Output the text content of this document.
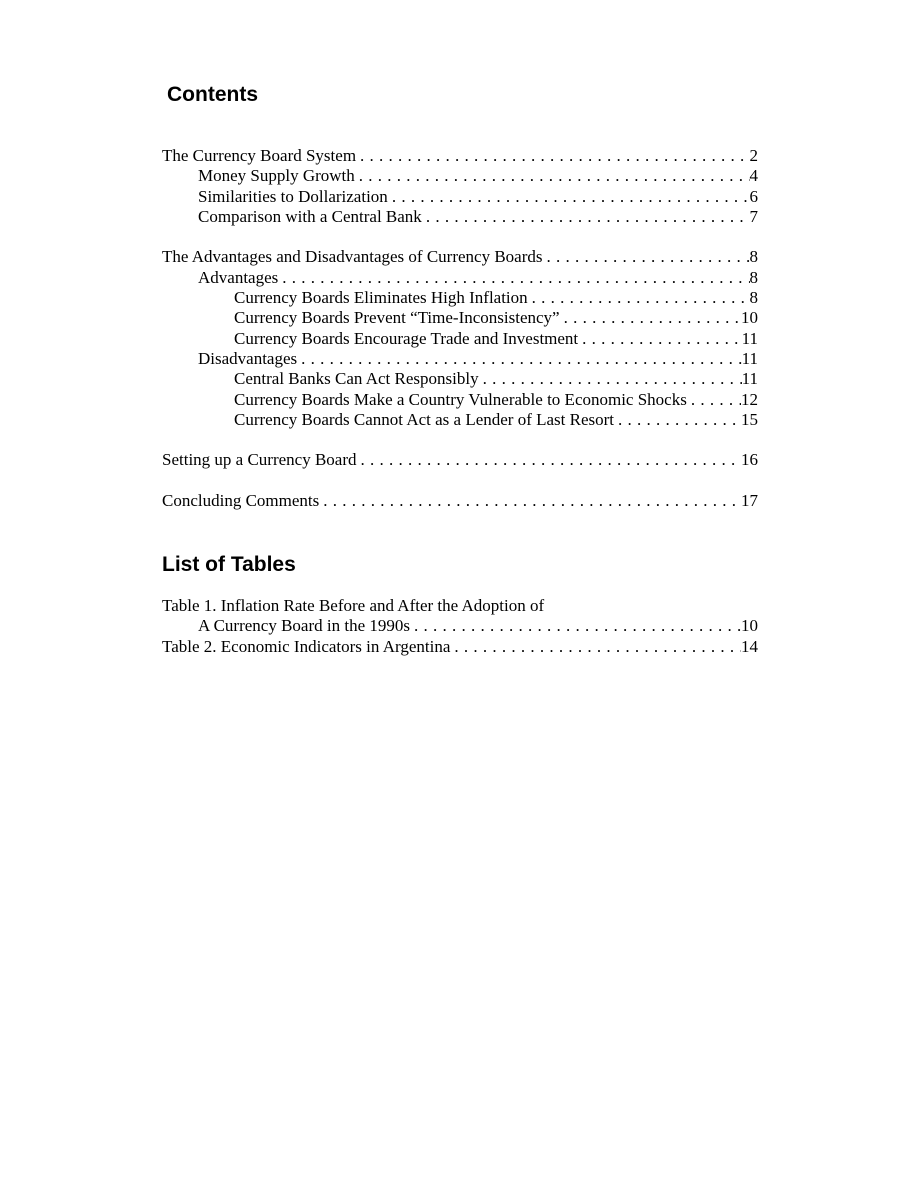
Contents
The Currency Board System . . .	2
Money Supply Growth . . .	4
Similarities to Dollarization . . .	6
Comparison with a Central Bank . . .	7
The Advantages and Disadvantages of Currency Boards . . .	8
Advantages . . .	8
Currency Boards Eliminates High Inflation . . .	8
Currency Boards Prevent “Time-Inconsistency” . . .	10
Currency Boards Encourage Trade and Investment . . .	11
Disadvantages . . .	11
Central Banks Can Act Responsibly . . .	11
Currency Boards Make a Country Vulnerable to Economic Shocks . . .	12
Currency Boards Cannot Act as a Lender of Last Resort . . .	15
Setting up a Currency Board . . .	16
Concluding Comments . . .	17
List of Tables
Table 1. Inflation Rate Before and After the Adoption of
A Currency Board in the 1990s . . .	10
Table 2. Economic Indicators in Argentina . . .	14
